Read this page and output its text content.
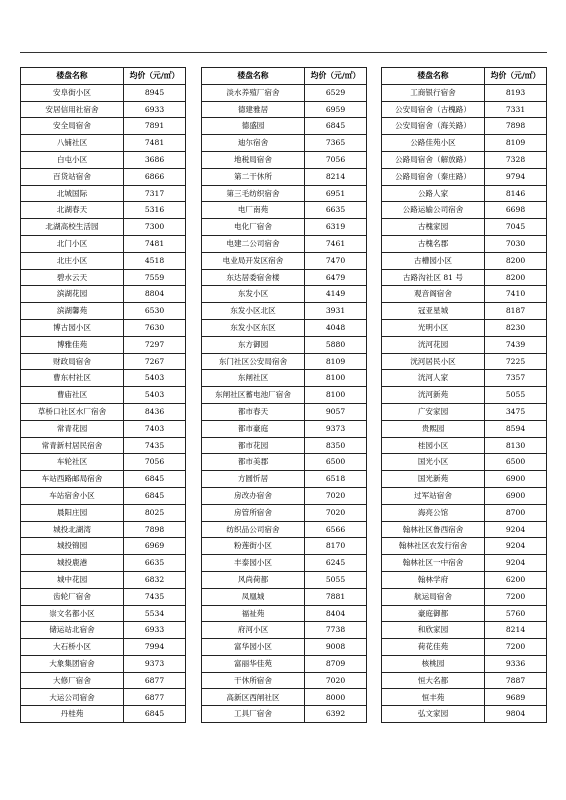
楼盘名称	均价（元/㎡）
安阜街小区	8945
安居信用社宿舍	6933
安全局宿舍	7891
八铺社区	7481
白屯小区	3686
百货站宿舍	6866
北城国际	7317
北湖春天	5316
北湖高校生活园	7300
北门小区	7481
北庄小区	4518
碧水云天	7559
滨湖花园	8804
滨湖馨苑	6530
博古园小区	7630
博雅佳苑	7297
财政局宿舍	7267
曹东村社区	5403
曹庙社区	5403
草桥口社区水厂宿舍	8436
常青花园	7403
常青新村居民宿舍	7435
车轮社区	7056
车站西路邮局宿舍	6845
车站宿舍小区	6845
晨阳庄园	8025
城投北湖湾	7898
城投锦园	6969
城投鹿港	6635
城中花园	6832
齿轮厂宿舍	7435
崇文名都小区	5534
储运站北宿舍	6933
大石桥小区	7994
大象集团宿舍	9373
大修厂宿舍	6877
大运公司宿舍	6877
丹桂苑	6845
楼盘名称	均价（元/㎡）
淡水养殖厂宿舍	6529
德建雅居	6959
德盛园	6845
迪尔宿舍	7365
地税局宿舍	7056
第二干休所	8214
第三毛纺织宿舍	6951
电厂南苑	6635
电化厂宿舍	6319
电建二公司宿舍	7461
电业局开发区宿舍	7470
东达居委宿舍楼	6479
东发小区	4149
东发小区北区	3931
东发小区东区	4048
东方御园	5880
东门社区公安局宿舍	8109
东闸社区	8100
东闸社区蓄电池厂宿舍	8100
都市春天	9057
都市豪庭	9373
都市花园	8350
都市美郡	6500
方圆忻居	6518
房改办宿舍	7020
房管所宿舍	7020
纺织品公司宿舍	6566
粉莲街小区	8170
丰泰园小区	6245
风尚荷都	5055
凤凰城	7881
福祉苑	8404
府河小区	7738
富华园小区	9008
富丽华佳苑	8709
干休所宿舍	7020
高新区西闸社区	8000
工具厂宿舍	6392
楼盘名称	均价（元/㎡）
工商银行宿舍	8193
公安局宿舍（古槐路）	7331
公安局宿舍（海关路）	7898
公路佳苑小区	8109
公路局宿舍（解放路）	7328
公路局宿舍（秦庄路）	9794
公路人家	8146
公路运输公司宿舍	6698
古槐家园	7045
古槐名郡	7030
古槽园小区	8200
古路沟社区 81 号	8200
观音阁宿舍	7410
冠亚星城	8187
光明小区	8230
洸河花园	7439
洸河居民小区	7225
洸河人家	7357
洸河新苑	5055
广安家园	3475
贵熙园	8594
桂园小区	8130
国光小区	6500
国光新苑	6900
过军站宿舍	6900
海亮公馆	8700
翰林社区鲁西宿舍	9204
翰林社区农发行宿舍	9204
翰林社区一中宿舍	9204
翰林学府	6200
航运局宿舍	7200
豪庭御都	5760
和欣家园	8214
荷花佳苑	7200
核桃园	9336
恒大名都	7887
恒丰苑	9689
弘文家园	9804
